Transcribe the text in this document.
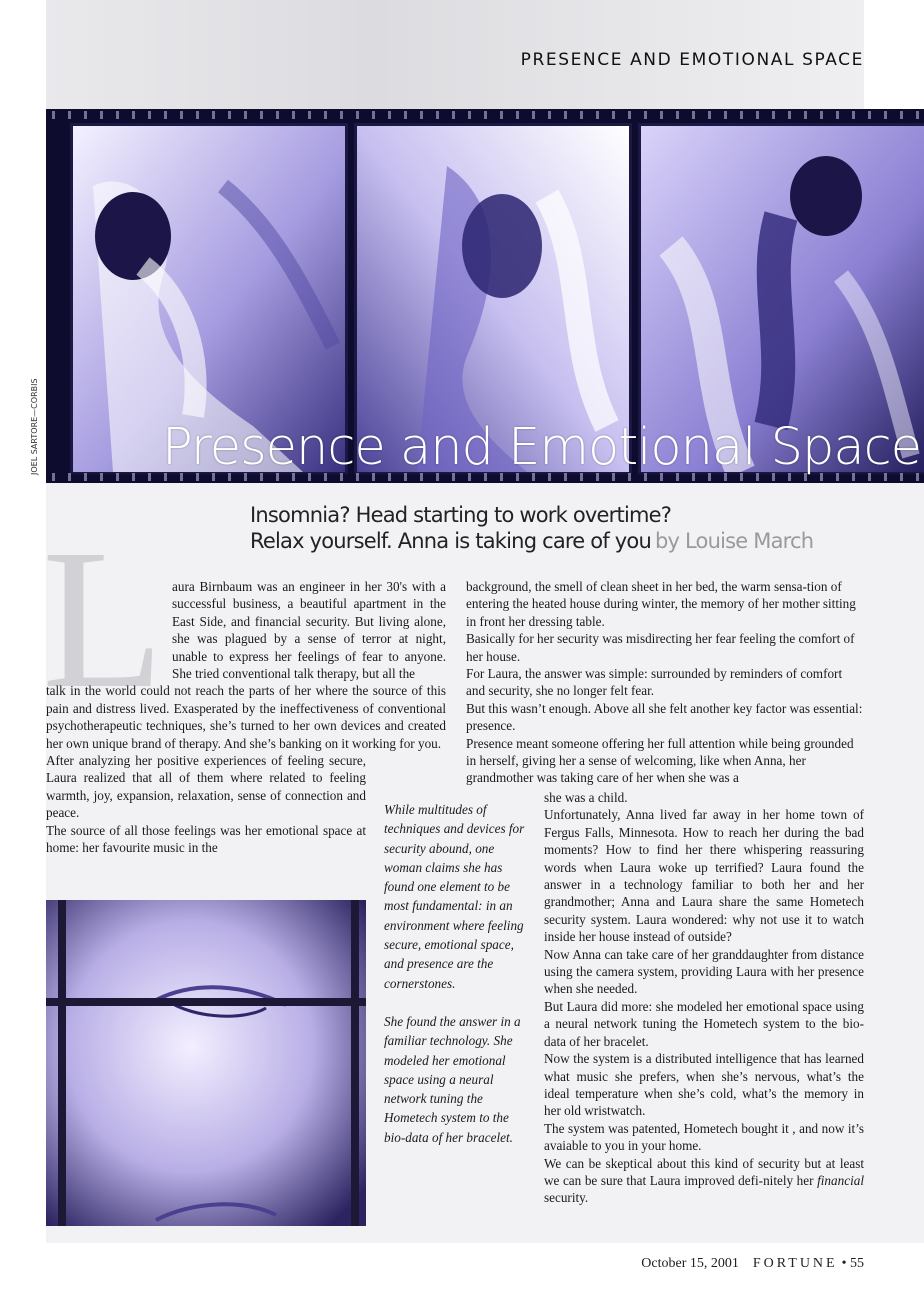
PRESENCE AND EMOTIONAL SPACE
Presence and Emotional Space
JOEL SARTORE—CORBIS
Insomnia? Head starting to work overtime?
Relax yourself. Anna is taking care of you by Louise March
L aura Birnbaum was an engineer in her 30's with a successful business, a beautiful apartment in the East Side, and financial security. But living alone, she was plagued by a sense of terror at night, unable to express her feelings of fear to anyone. She tried conventional talk therapy, but all the

talk in the world could not reach the parts of her where the source of this pain and distress lived. Exasperated by the ineffectiveness of conventional psychotherapeutic techniques, she’s turned to her own devices and created her own unique brand of therapy. And she’s banking on it working for you.

After analyzing her positive experiences of feeling secure, Laura realized that all of them where related to feeling warmth, joy, expansion, relaxation, sense of connection and peace.

The source of all those feelings was her emotional space at home: her favourite music in the

While multitudes of techniques and devices for security abound, one woman claims she has found one element to be most fundamental: in an environment where feeling secure, emotional space, and presence are the cornerstones.

She found the answer in a familiar technology. She modeled her emotional space using a neural network tuning the Hometech system to the bio-data of her bracelet.

background, the smell of clean sheet in her bed, the warm sensa-tion of entering the heated house during winter, the memory of her mother sitting in front her dressing table.

Basically for her security was misdirecting her fear feeling the comfort of her house.

For Laura, the answer was simple: surrounded by reminders of comfort and security, she no longer felt fear.

But this wasn’t enough. Above all she felt another key factor was essential: presence.

Presence meant someone offering her full attention while being grounded in herself, giving her a sense of welcoming, like when Anna, her grandmother was taking care of her when she was a

she was a child.

Unfortunately, Anna lived far away in her home town of Fergus Falls, Minnesota. How to reach her during the bad moments? How to find her there whispering reassuring words when Laura woke up terrified? Laura found the answer in a technology familiar to both her and her grandmother; Anna and Laura share the same Hometech security system. Laura wondered: why not use it to watch inside her house instead of outside?

Now Anna can take care of her granddaughter from distance using the camera system, providing Laura with her presence when she needed.

But Laura did more: she modeled her emotional space using a neural network tuning the Hometech system to the bio-data of her bracelet.

Now the system is a distributed intelligence that has learned what music she prefers, when she’s nervous, what’s the ideal temperature when she’s cold, what’s the memory in her old wristwatch.

The system was patented, Hometech bought it , and now it’s avaiable to you in your home.

We can be skeptical about this kind of security but at least we can be sure that Laura improved defi-nitely her financial security.

October 15, 2001 FORTUNE • 55
